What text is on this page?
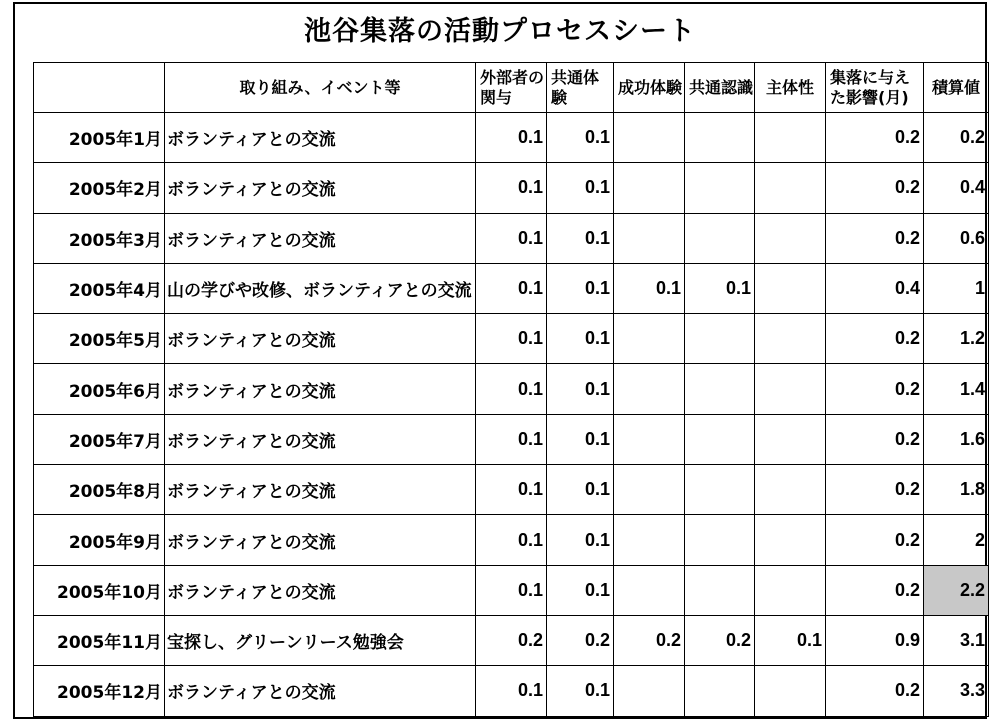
池谷集落の活動プロセスシート
	取り組み、イベント等	外部者の関与	共通体験	成功体験	共通認識	主体性	集落に与えた影響(月)	積算値
2005年1月	ボランティアとの交流	0.1	0.1				0.2	0.2
2005年2月	ボランティアとの交流	0.1	0.1				0.2	0.4
2005年3月	ボランティアとの交流	0.1	0.1				0.2	0.6
2005年4月	山の学びや改修、ボランティアとの交流	0.1	0.1	0.1	0.1		0.4	1
2005年5月	ボランティアとの交流	0.1	0.1				0.2	1.2
2005年6月	ボランティアとの交流	0.1	0.1				0.2	1.4
2005年7月	ボランティアとの交流	0.1	0.1				0.2	1.6
2005年8月	ボランティアとの交流	0.1	0.1				0.2	1.8
2005年9月	ボランティアとの交流	0.1	0.1				0.2	2
2005年10月	ボランティアとの交流	0.1	0.1				0.2	2.2
2005年11月	宝探し、グリーンリース勉強会	0.2	0.2	0.2	0.2	0.1	0.9	3.1
2005年12月	ボランティアとの交流	0.1	0.1				0.2	3.3
